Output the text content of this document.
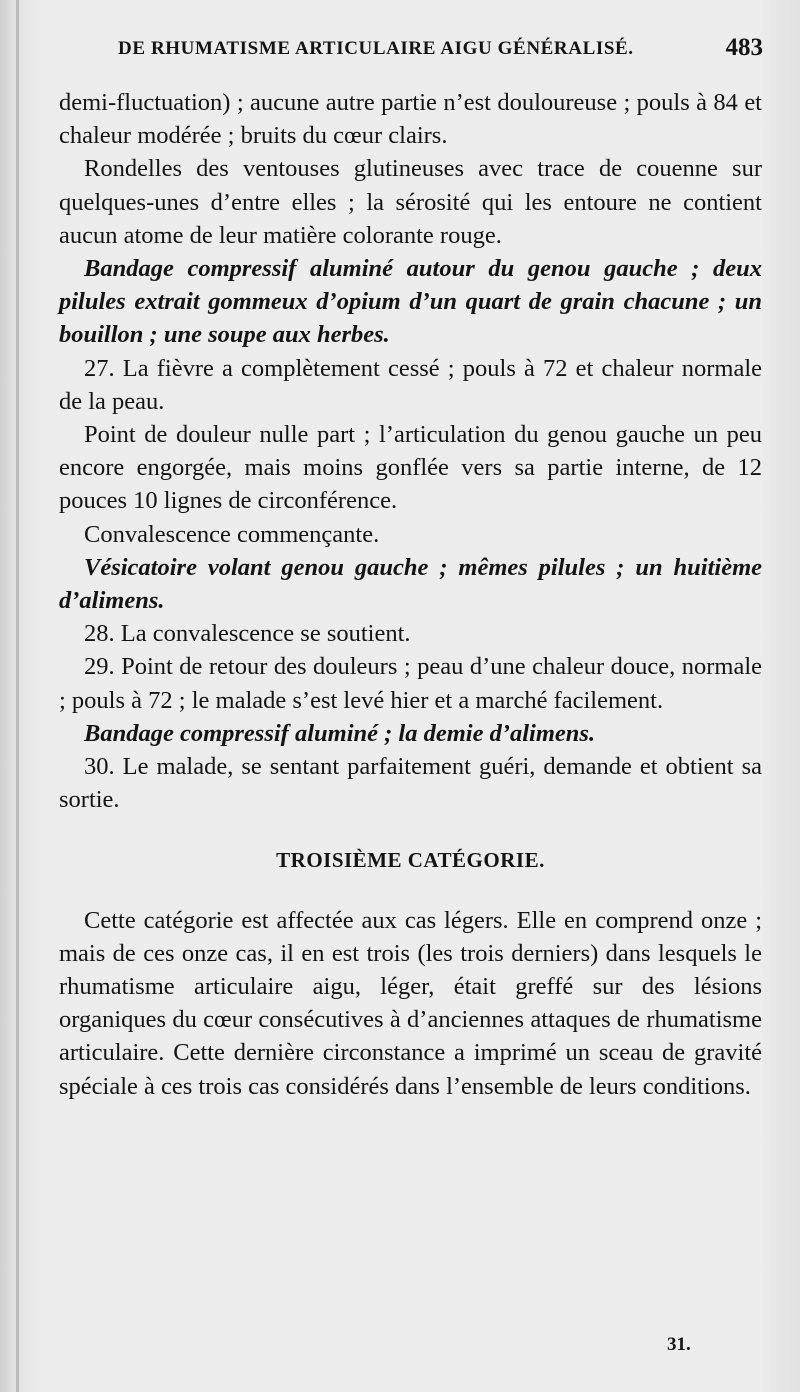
DE RHUMATISME ARTICULAIRE AIGU GÉNÉRALISÉ.	483

demi-fluctuation) ; aucune autre partie n’est douloureuse ; pouls à 84 et chaleur modérée ; bruits du cœur clairs.

Rondelles des ventouses glutineuses avec trace de couenne sur quelques-unes d’entre elles ; la sérosité qui les entoure ne contient aucun atome de leur matière colorante rouge.

Bandage compressif aluminé autour du genou gauche ; deux pilules extrait gommeux d’opium d’un quart de grain chacune ; un bouillon ; une soupe aux herbes.

27. La fièvre a complètement cessé ; pouls à 72 et chaleur normale de la peau.

Point de douleur nulle part ; l’articulation du genou gauche un peu encore engorgée, mais moins gonflée vers sa partie interne, de 12 pouces 10 lignes de circonférence.

Convalescence commençante.

Vésicatoire volant genou gauche ; mêmes pilules ; un huitième d’alimens.

28. La convalescence se soutient.

29. Point de retour des douleurs ; peau d’une chaleur douce, normale ; pouls à 72 ; le malade s’est levé hier et a marché facilement.

Bandage compressif aluminé ; la demie d’alimens.

30. Le malade, se sentant parfaitement guéri, demande et obtient sa sortie.

TROISIÈME CATÉGORIE.

Cette catégorie est affectée aux cas légers. Elle en comprend onze ; mais de ces onze cas, il en est trois (les trois derniers) dans lesquels le rhumatisme articulaire aigu, léger, était greffé sur des lésions organiques du cœur consécutives à d’anciennes attaques de rhumatisme articulaire. Cette dernière circonstance a imprimé un sceau de gravité spéciale à ces trois cas considérés dans l’ensemble de leurs conditions.

31.
